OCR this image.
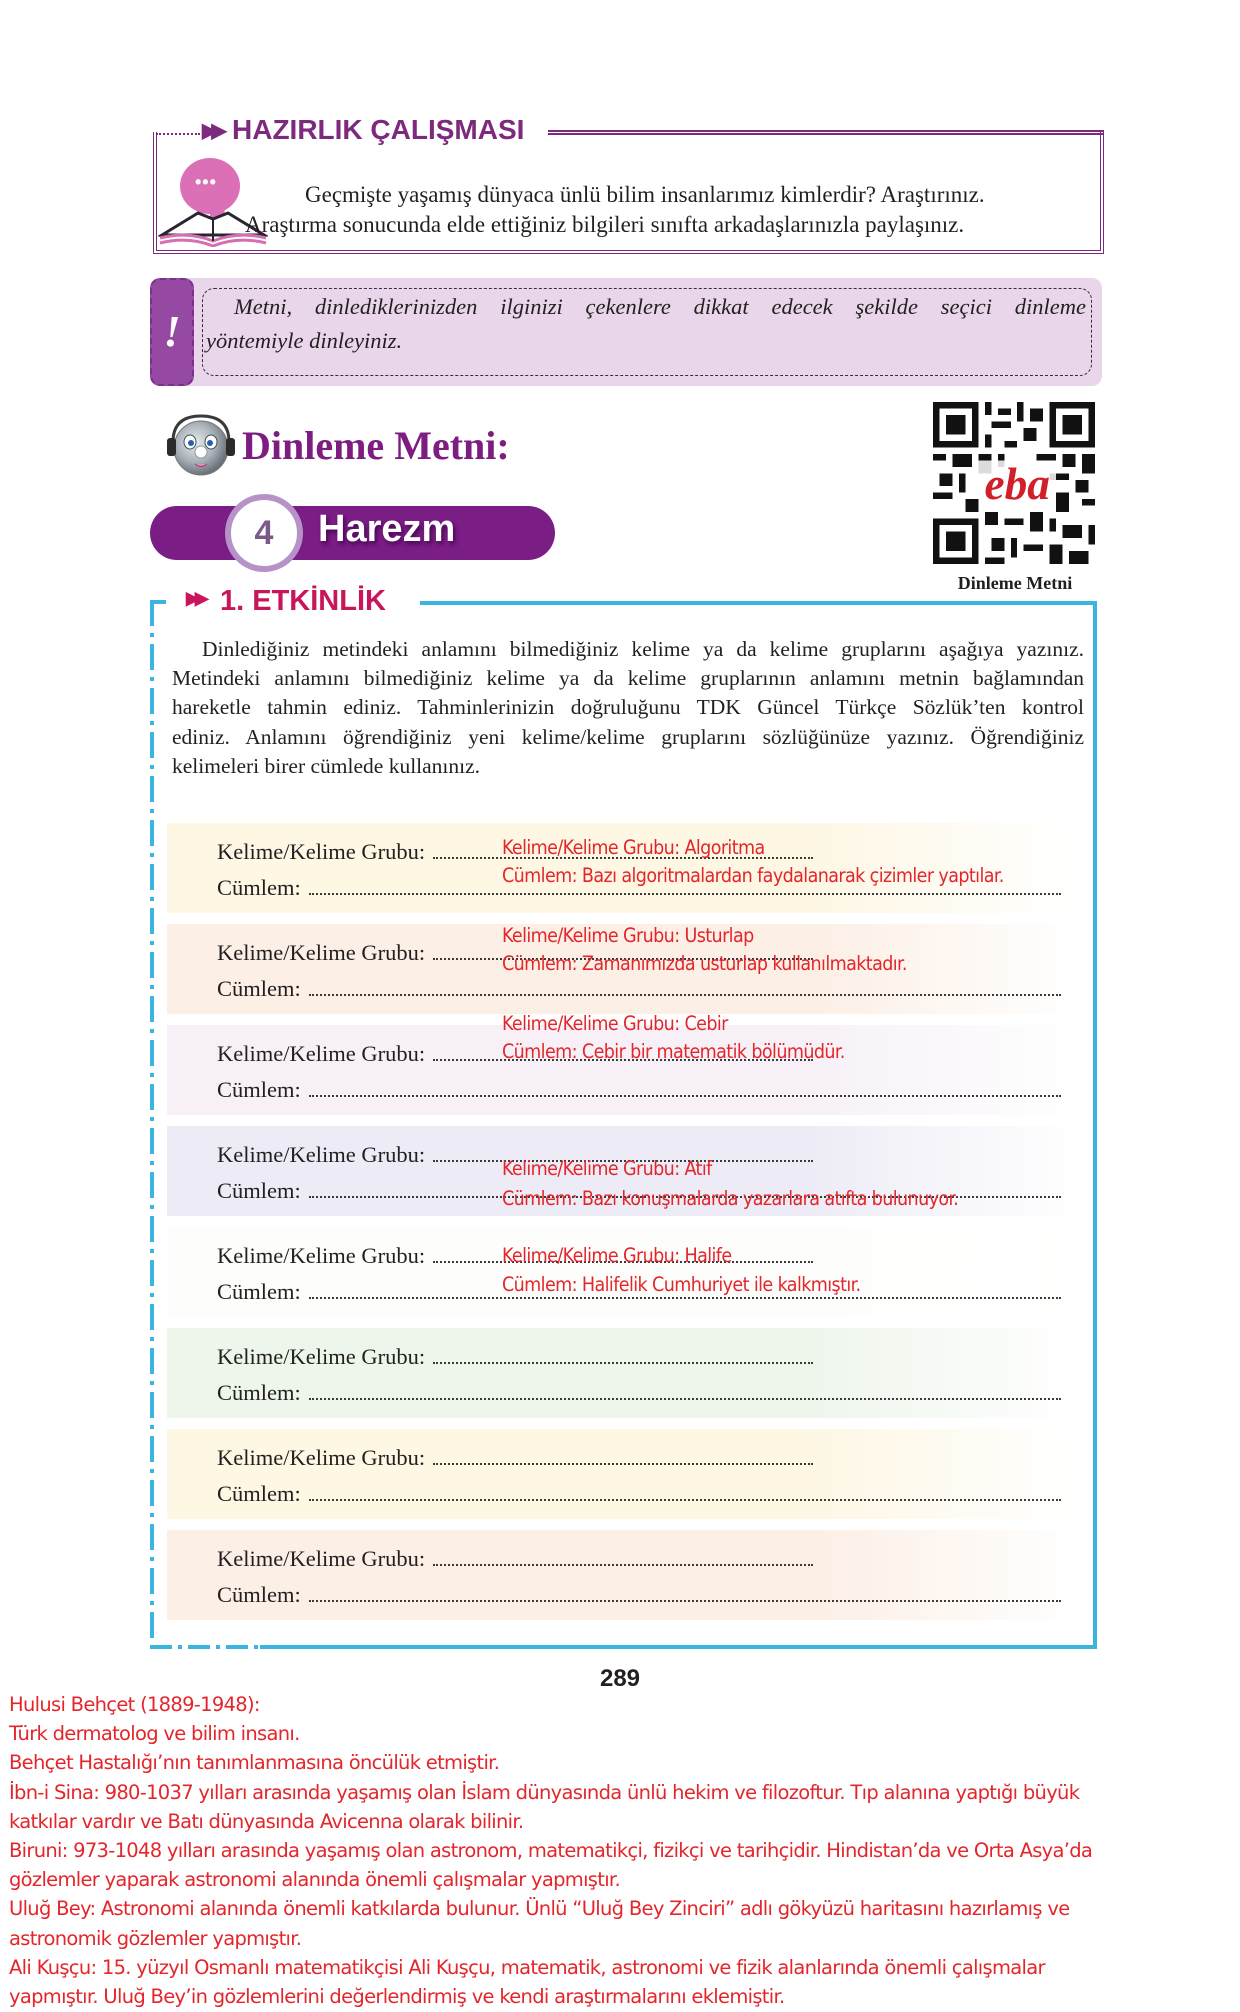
▶▶ HAZIRLIK ÇALIŞMASI
•••	Geçmişte yaşamış dünyaca ünlü bilim insanlarımız kimlerdir? Araştırınız.

Araştırma sonucunda elde ettiğiniz bilgileri sınıfta arkadaşlarınızla paylaşınız.

!
Metni, dinlediklerinizden ilginizi çekenlere dikkat edecek şekilde seçici dinleme
yöntemiyle dinleyiniz.
Dinleme Metni:
4	Harezm
eba
Dinleme Metni
▶▶ 1. ETKİNLİK
Dinlediğiniz metindeki anlamını bilmediğiniz kelime ya da kelime gruplarını aşağıya yazınız.
Metindeki anlamını bilmediğiniz kelime ya da kelime gruplarının anlamını metnin bağlamından
hareketle tahmin ediniz. Tahminlerinizin doğruluğunu TDK Güncel Türkçe Sözlük’ten kontrol
ediniz. Anlamını öğrendiğiniz yeni kelime/kelime gruplarını sözlüğünüze yazınız. Öğrendiğiniz
kelimeleri birer cümlede kullanınız.
Kelime/Kelime Grubu:
Cümlem:
Kelime/Kelime Grubu:
Cümlem:
Kelime/Kelime Grubu:
Cümlem:
Kelime/Kelime Grubu:
Cümlem:
Kelime/Kelime Grubu:
Cümlem:
Kelime/Kelime Grubu:
Cümlem:
Kelime/Kelime Grubu:
Cümlem:
Kelime/Kelime Grubu:
Cümlem:
Kelime/Kelime Grubu: Algoritma
Cümlem: Bazı algoritmalardan faydalanarak çizimler yaptılar.
Kelime/Kelime Grubu: Usturlap
Cümlem: Zamanımızda usturlap kullanılmaktadır.
Kelime/Kelime Grubu: Cebir
Cümlem: Cebir bir matematik bölümüdür.
Kelime/Kelime Grubu: Atıf
Cümlem: Bazı konuşmalarda yazarlara atıfta bulunuyor.
Kelime/Kelime Grubu: Halife
Cümlem: Halifelik Cumhuriyet ile kalkmıştır.
289
Hulusi Behçet (1889-1948):
Türk dermatolog ve bilim insanı.
Behçet Hastalığı’nın tanımlanmasına öncülük etmiştir.
İbn-i Sina: 980-1037 yılları arasında yaşamış olan İslam dünyasında ünlü hekim ve filozoftur. Tıp alanına yaptığı büyük
katkılar vardır ve Batı dünyasında Avicenna olarak bilinir.
Biruni: 973-1048 yılları arasında yaşamış olan astronom, matematikçi, fizikçi ve tarihçidir. Hindistan’da ve Orta Asya’da
gözlemler yaparak astronomi alanında önemli çalışmalar yapmıştır.
Uluğ Bey: Astronomi alanında önemli katkılarda bulunur. Ünlü “Uluğ Bey Zinciri” adlı gökyüzü haritasını hazırlamış ve
astronomik gözlemler yapmıştır.
Ali Kuşçu: 15. yüzyıl Osmanlı matematikçisi Ali Kuşçu, matematik, astronomi ve fizik alanlarında önemli çalışmalar
yapmıştır. Uluğ Bey’in gözlemlerini değerlendirmiş ve kendi araştırmalarını eklemiştir.
